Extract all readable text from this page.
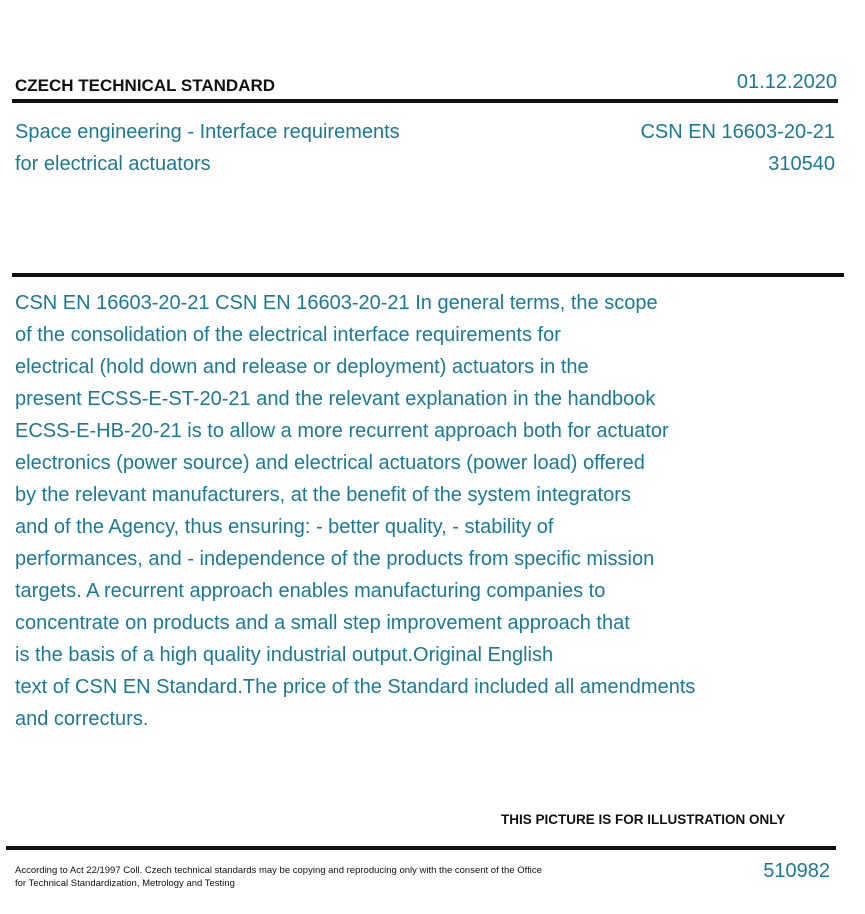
CZECH TECHNICAL STANDARD	01.12.2020
Space engineering - Interface requirements
for electrical actuators
CSN EN 16603-20-21
310540
CSN EN 16603-20-21 CSN EN 16603-20-21 In general terms, the scope
of the consolidation of the electrical interface requirements for
electrical (hold down and release or deployment) actuators in the
present ECSS-E-ST-20-21 and the relevant explanation in the handbook
ECSS-E-HB-20-21 is to allow a more recurrent approach both for actuator
electronics (power source) and electrical actuators (power load) offered
by the relevant manufacturers, at the benefit of the system integrators
and of the Agency, thus ensuring: - better quality, - stability of
performances, and - independence of the products from specific mission
targets. A recurrent approach enables manufacturing companies to
concentrate on products and a small step improvement approach that
is the basis of a high quality industrial output.Original English
text of CSN EN Standard.The price of the Standard included all amendments
and correcturs.
THIS PICTURE IS FOR ILLUSTRATION ONLY
According to Act 22/1997 Coll. Czech technical standards may be copying and reproducing only with the consent of the Office
for Technical Standardization, Metrology and Testing
510982
